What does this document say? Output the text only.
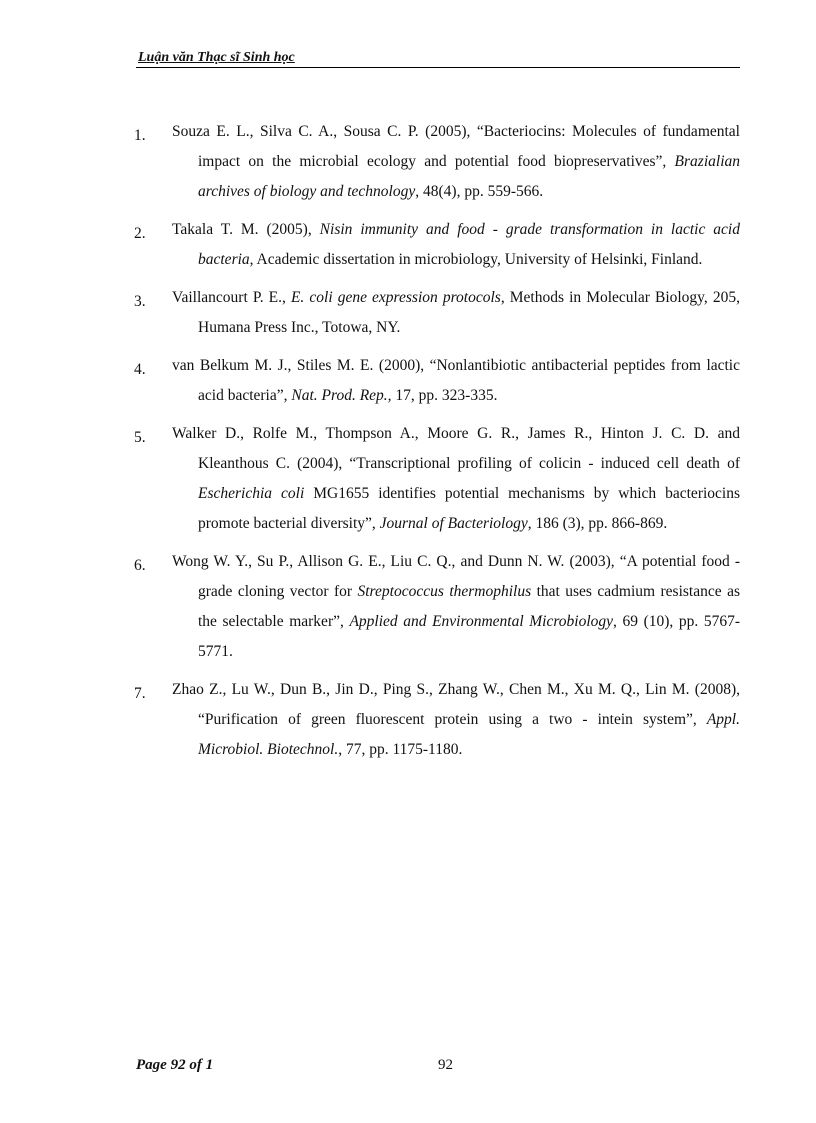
Luận văn Thạc sĩ Sinh học
1.	Souza E. L., Silva C. A., Sousa C. P. (2005), “Bacteriocins: Molecules of fundamental impact on the microbial ecology and potential food biopreservatives”, Brazialian archives of biology and technology, 48(4), pp. 559-566.
2.	Takala T. M. (2005), Nisin immunity and food - grade transformation in lactic acid bacteria, Academic dissertation in microbiology, University of Helsinki, Finland.
3.	Vaillancourt P. E., E. coli gene expression protocols, Methods in Molecular Biology, 205, Humana Press Inc., Totowa, NY.
4.	van Belkum M. J., Stiles M. E. (2000), “Nonlantibiotic antibacterial peptides from lactic acid bacteria”, Nat. Prod. Rep., 17, pp. 323-335.
5.	Walker D., Rolfe M., Thompson A., Moore G. R., James R., Hinton J. C. D. and Kleanthous C. (2004), “Transcriptional profiling of colicin - induced cell death of Escherichia coli MG1655 identifies potential mechanisms by which bacteriocins promote bacterial diversity”, Journal of Bacteriology, 186 (3), pp. 866-869.
6.	Wong W. Y., Su P., Allison G. E., Liu C. Q., and Dunn N. W. (2003), “A potential food - grade cloning vector for Streptococcus thermophilus that uses cadmium resistance as the selectable marker”, Applied and Environmental Microbiology, 69 (10), pp. 5767-5771.
7.	Zhao Z., Lu W., Dun B., Jin D., Ping S., Zhang W., Chen M., Xu M. Q., Lin M. (2008), “Purification of green fluorescent protein using a two - intein system”, Appl. Microbiol. Biotechnol., 77, pp. 1175-1180.
Page 92 of 1	92
